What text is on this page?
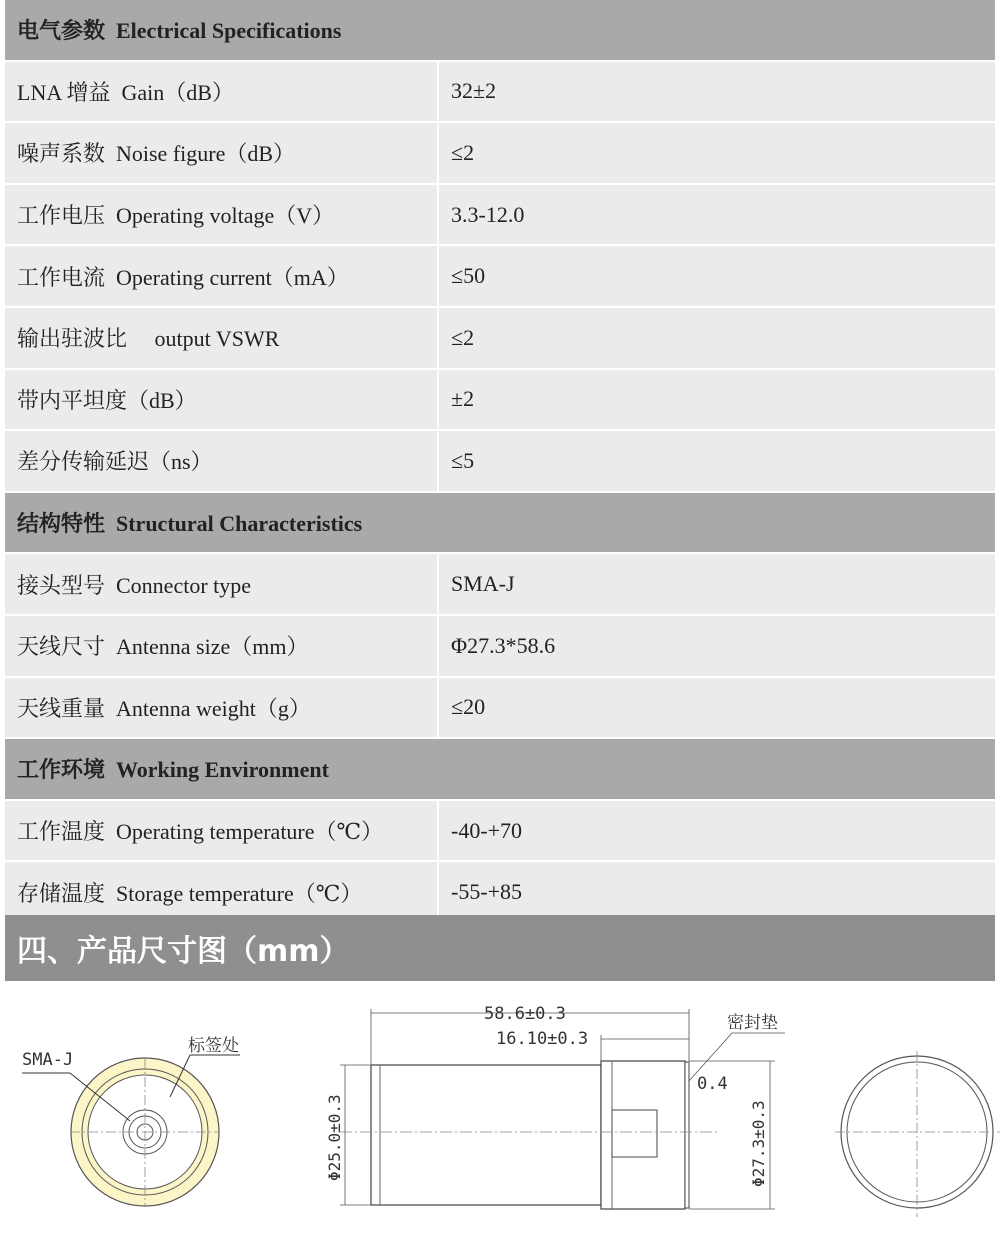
电气参数  Electrical Specifications
LNA 增益  Gain（dB）	32±2
噪声系数  Noise figure（dB）	≤2
工作电压  Operating voltage（V）	3.3-12.0
工作电流  Operating current（mA）	≤50
输出驻波比     output VSWR	≤2
带内平坦度（dB）	±2
差分传输延迟（ns）	≤5
结构特性  Structural Characteristics
接头型号  Connector type	SMA-J
天线尺寸  Antenna size（mm）	Φ27.3*58.6
天线重量  Antenna weight（g）	≤20
工作环境  Working Environment
工作温度  Operating temperature（℃）	-40-+70
存储温度  Storage temperature（℃）	-55-+85
四、产品尺寸图（mm）
SMA-J
标签处
58.6±0.3
16.10±0.3
密封垫
0.4
Φ25.0±0.3	Φ27.3±0.3
